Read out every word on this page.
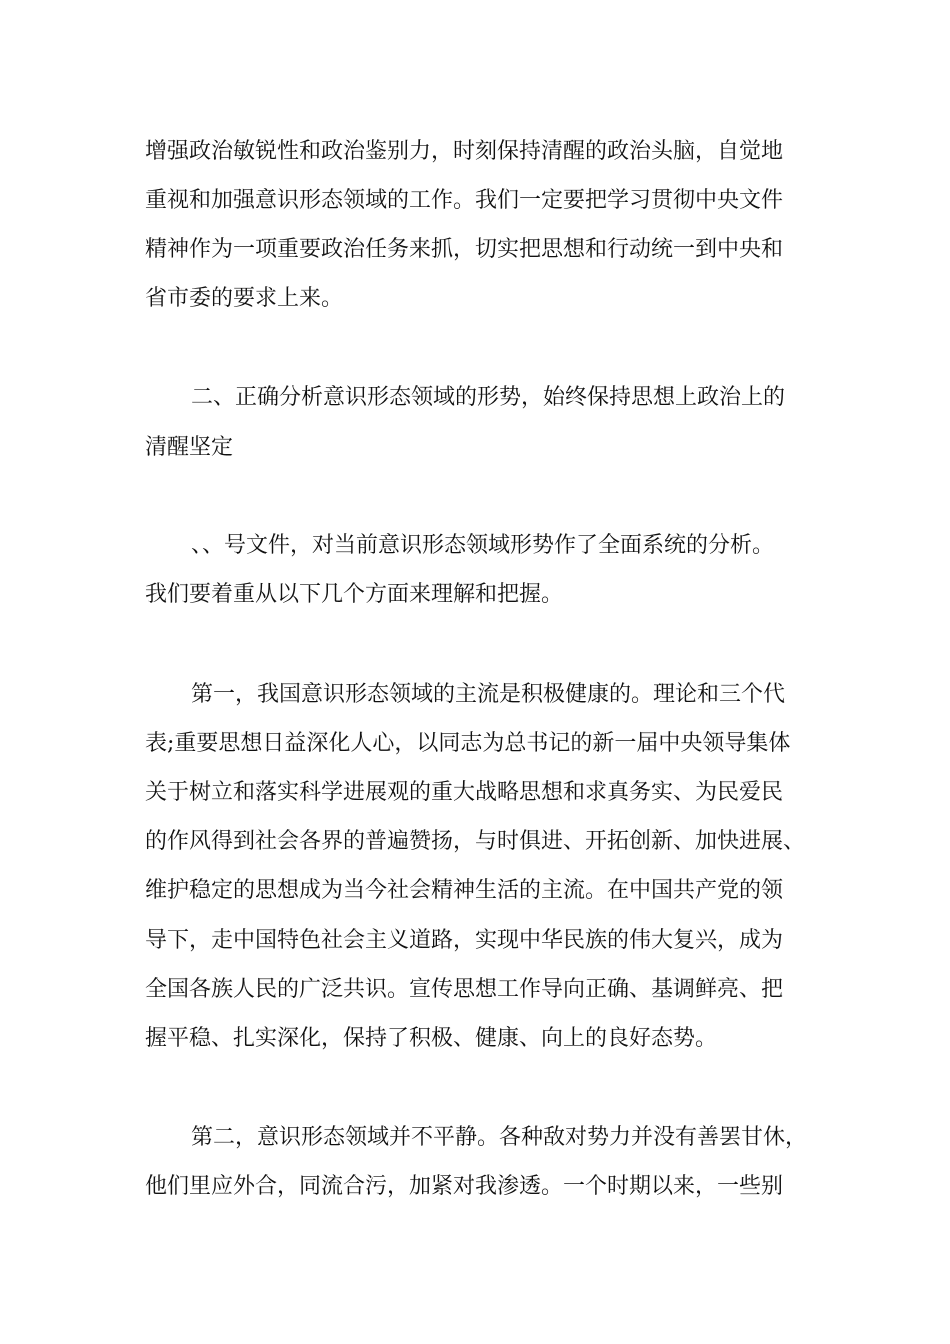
增强政治敏锐性和政治鉴别力，时刻保持清醒的政治头脑，自觉地
重视和加强意识形态领域的工作。我们一定要把学习贯彻中央文件
精神作为一项重要政治任务来抓，切实把思想和行动统一到中央和
省市委的要求上来。
二、正确分析意识形态领域的形势，始终保持思想上政治上的
清醒坚定
、、号文件，对当前意识形态领域形势作了全面系统的分析。
我们要着重从以下几个方面来理解和把握。
第一，我国意识形态领域的主流是积极健康的。理论和三个代
表;重要思想日益深化人心，以同志为总书记的新一届中央领导集体
关于树立和落实科学进展观的重大战略思想和求真务实、为民爱民
的作风得到社会各界的普遍赞扬，与时俱进、开拓创新、加快进展、
维护稳定的思想成为当今社会精神生活的主流。在中国共产党的领
导下，走中国特色社会主义道路，实现中华民族的伟大复兴，成为
全国各族人民的广泛共识。宣传思想工作导向正确、基调鲜亮、把
握平稳、扎实深化，保持了积极、健康、向上的良好态势。
第二，意识形态领域并不平静。各种敌对势力并没有善罢甘休，
他们里应外合，同流合污，加紧对我渗透。一个时期以来，一些别
